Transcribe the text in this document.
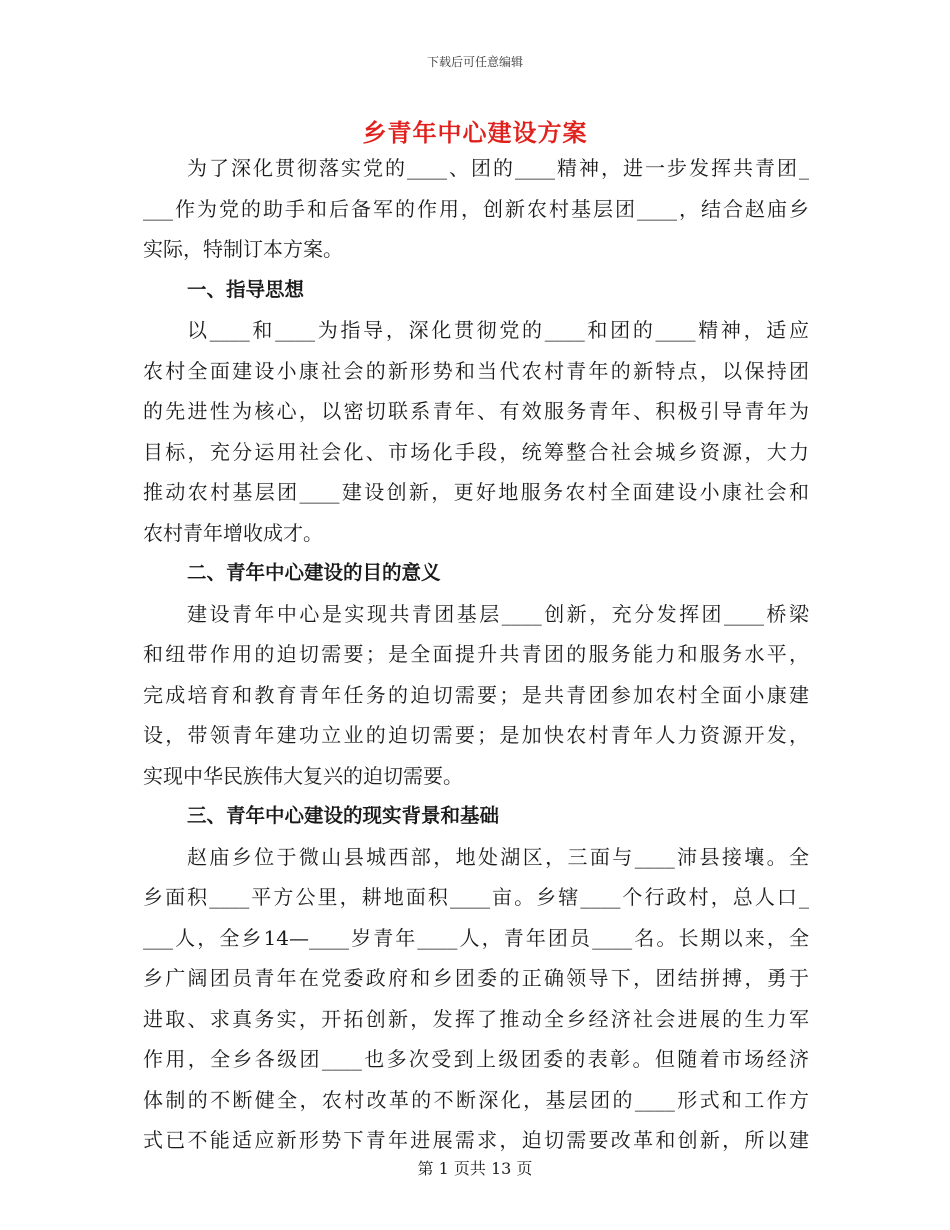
下载后可任意编辑
乡青年中心建设方案
为了深化贯彻落实党的____、团的____精神，进一步发挥共青团_
___作为党的助手和后备军的作用，创新农村基层团____，结合赵庙乡
实际，特制订本方案。
一、指导思想
以____和____为指导，深化贯彻党的____和团的____精神，适应
农村全面建设小康社会的新形势和当代农村青年的新特点，以保持团
的先进性为核心，以密切联系青年、有效服务青年、积极引导青年为
目标，充分运用社会化、市场化手段，统筹整合社会城乡资源，大力
推动农村基层团____建设创新，更好地服务农村全面建设小康社会和
农村青年增收成才。
二、青年中心建设的目的意义
建设青年中心是实现共青团基层____创新，充分发挥团____桥梁
和纽带作用的迫切需要；是全面提升共青团的服务能力和服务水平，
完成培育和教育青年任务的迫切需要；是共青团参加农村全面小康建
设，带领青年建功立业的迫切需要；是加快农村青年人力资源开发，
实现中华民族伟大复兴的迫切需要。
三、青年中心建设的现实背景和基础
赵庙乡位于微山县城西部，地处湖区，三面与____沛县接壤。全
乡面积____平方公里，耕地面积____亩。乡辖____个行政村，总人口_
___人，全乡14—____岁青年____人，青年团员____名。长期以来，全
乡广阔团员青年在党委政府和乡团委的正确领导下，团结拼搏，勇于
进取、求真务实，开拓创新，发挥了推动全乡经济社会进展的生力军
作用，全乡各级团____也多次受到上级团委的表彰。但随着市场经济
体制的不断健全，农村改革的不断深化，基层团的____形式和工作方
式已不能适应新形势下青年进展需求，迫切需要改革和创新，所以建
第 1 页共 13 页
